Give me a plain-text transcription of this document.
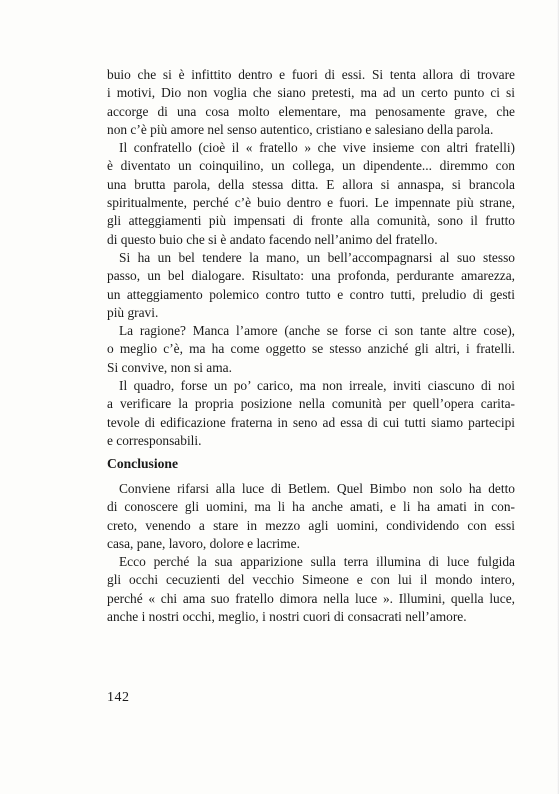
buio che si è infittito dentro e fuori di essi. Si tenta allora di trovare
i motivi, Dio non voglia che siano pretesti, ma ad un certo punto ci si
accorge di una cosa molto elementare, ma penosamente grave, che
non c’è più amore nel senso autentico, cristiano e salesiano della parola.
Il confratello (cioè il « fratello » che vive insieme con altri fratelli)
è diventato un coinquilino, un collega, un dipendente... diremmo con
una brutta parola, della stessa ditta. E allora si annaspa, si brancola
spiritualmente, perché c’è buio dentro e fuori. Le impennate più strane,
gli atteggiamenti più impensati di fronte alla comunità, sono il frutto
di questo buio che si è andato facendo nell’animo del fratello.
Si ha un bel tendere la mano, un bell’accompagnarsi al suo stesso
passo, un bel dialogare. Risultato: una profonda, perdurante amarezza,
un atteggiamento polemico contro tutto e contro tutti, preludio di gesti
più gravi.
La ragione? Manca l’amore (anche se forse ci son tante altre cose),
o meglio c’è, ma ha come oggetto se stesso anziché gli altri, i fratelli.
Si convive, non si ama.
Il quadro, forse un po’ carico, ma non irreale, inviti ciascuno di noi
a verificare la propria posizione nella comunità per quell’opera carita-
tevole di edificazione fraterna in seno ad essa di cui tutti siamo partecipi
e corresponsabili.
Conclusione
Conviene rifarsi alla luce di Betlem. Quel Bimbo non solo ha detto
di conoscere gli uomini, ma li ha anche amati, e li ha amati in con-
creto, venendo a stare in mezzo agli uomini, condividendo con essi
casa, pane, lavoro, dolore e lacrime.
Ecco perché la sua apparizione sulla terra illumina di luce fulgida
gli occhi cecuzienti del vecchio Simeone e con lui il mondo intero,
perché « chi ama suo fratello dimora nella luce ». Illumini, quella luce,
anche i nostri occhi, meglio, i nostri cuori di consacrati nell’amore.
142
